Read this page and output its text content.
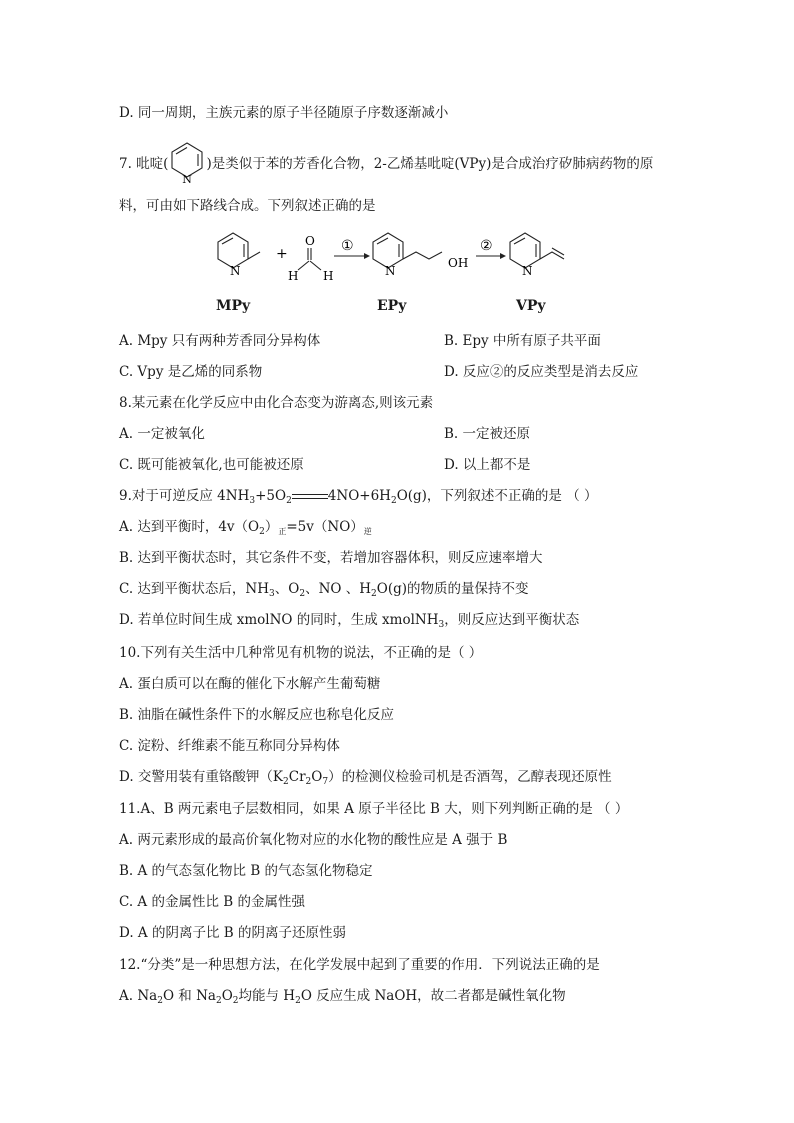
D. 同一周期，主族元素的原子半径随原子序数逐渐减小
7. 吡啶(
N
)是类似于苯的芳香化合物，2-乙烯基吡啶(VPy)是合成治疗矽肺病药物的原
料，可由如下路线合成。下列叙述正确的是
N
+
O
H H
①
N
OH
②
N
MPy	EPy	VPy
A. Mpy 只有两种芳香同分异构体	B. Epy 中所有原子共平面
C. Vpy 是乙烯的同系物	D. 反应②的反应类型是消去反应
8.某元素在化学反应中由化合态变为游离态,则该元素
A. 一定被氧化	B. 一定被还原
C. 既可能被氧化,也可能被还原	D. 以上都不是
9.对于可逆反应 $4NH_3+5O_2$	$4NO+6H_2O(g)$，下列叙述不正确的是 （ ）
A. 达到平衡时，$4v(O_2)_正=5v(NO)_逆$
B. 达到平衡状态时，其它条件不变，若增加容器体积，则反应速率增大
C. 达到平衡状态后，$NH_3$、$O_2$、NO 、$H_2O(g)$的物质的量保持不变
D. 若单位时间生成 xmolNO 的同时，生成 xmolNH$_3$，则反应达到平衡状态
10.下列有关生活中几种常见有机物的说法，不正确的是（ ）
A. 蛋白质可以在酶的催化下水解产生葡萄糖
B. 油脂在碱性条件下的水解反应也称皂化反应
C. 淀粉、纤维素不能互称同分异构体
D. 交警用装有重铬酸钾$(K_2Cr_2O_7)$的检测仪检验司机是否酒驾，乙醇表现还原性
11.A、B 两元素电子层数相同，如果 A 原子半径比 B 大，则下列判断正确的是 （ ）
A. 两元素形成的最高价氧化物对应的水化物的酸性应是 A 强于 B
B. A 的气态氢化物比 B 的气态氢化物稳定
C. A 的金属性比 B 的金属性强
D. A 的阴离子比 B 的阴离子还原性弱
12.“分类”是一种思想方法，在化学发展中起到了重要的作用．下列说法正确的是
A. $Na_2O$ 和 $Na_2O_2$均能与 $H_2O$ 反应生成 NaOH，故二者都是碱性氧化物
